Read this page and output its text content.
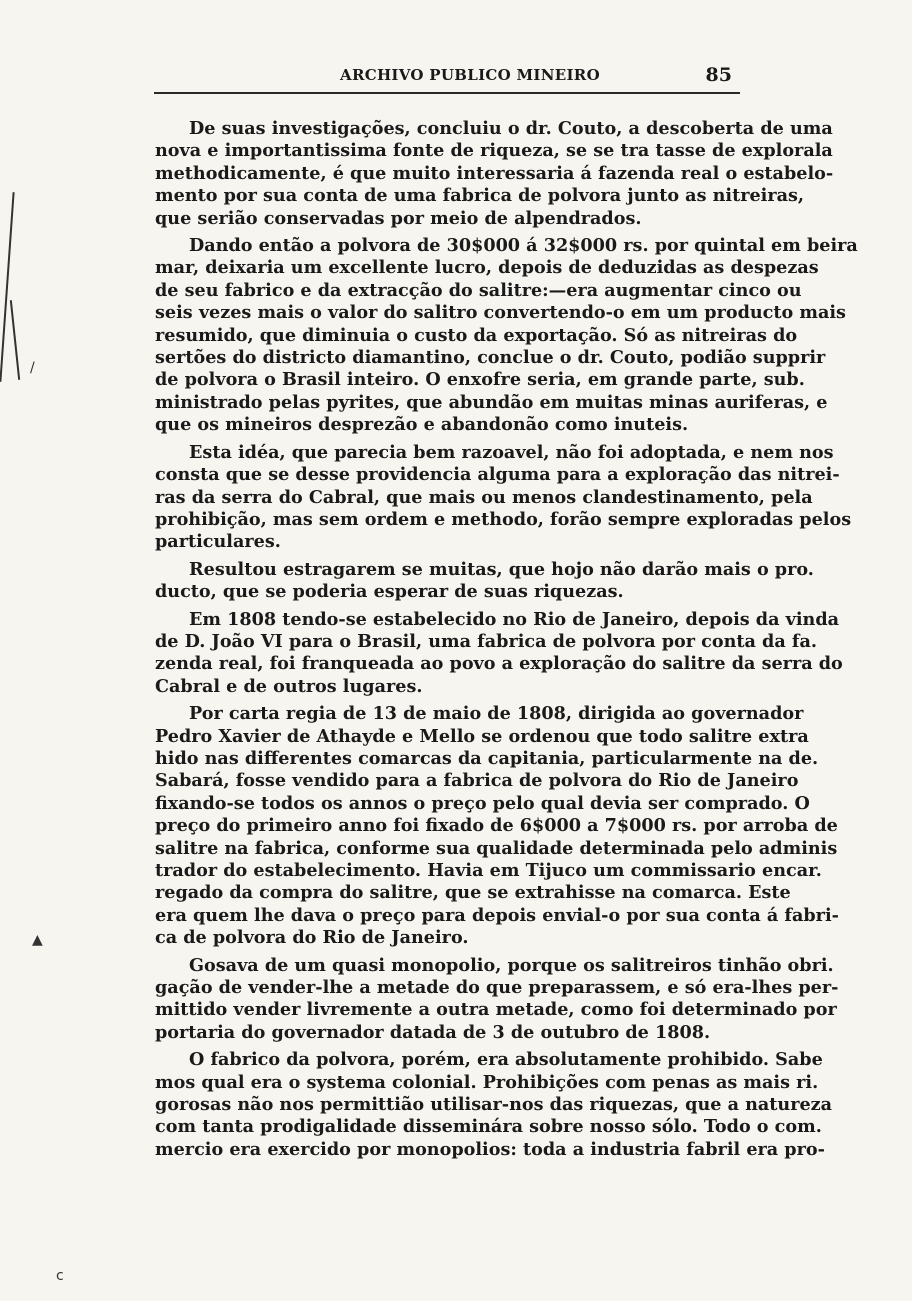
ARCHIVO PUBLICO MINEIRO	85
De suas investigações, concluiu o dr. Couto, a descoberta de uma
nova e importantissima fonte de riqueza, se se tra tasse de explorala
methodicamente, é que muito interessaria á fazenda real o estabelo-
mento por sua conta de uma fabrica de polvora junto as nitreiras,
que serião conservadas por meio de alpendrados.
Dando então a polvora de 30$000 á 32$000 rs. por quintal em beira
mar, deixaria um excellente lucro, depois de deduzidas as despezas
de seu fabrico e da extracção do salitre:—era augmentar cinco ou
seis vezes mais o valor do salitro convertendo-o em um producto mais
resumido, que diminuia o custo da exportação. Só as nitreiras do
sertões do districto diamantino, conclue o dr. Couto, podião supprir
de polvora o Brasil inteiro. O enxofre seria, em grande parte, sub.
ministrado pelas pyrites, que abundão em muitas minas auriferas, e
que os mineiros desprezão e abandonão como inuteis.
Esta idéa, que parecia bem razoavel, não foi adoptada, e nem nos
consta que se desse providencia alguma para a exploração das nitrei-
ras da serra do Cabral, que mais ou menos clandestinamento, pela
prohibição, mas sem ordem e methodo, forão sempre exploradas pelos
particulares.
Resultou estragarem se muitas, que hojo não darão mais o pro.
ducto, que se poderia esperar de suas riquezas.
Em 1808 tendo-se estabelecido no Rio de Janeiro, depois da vinda
de D. João VI para o Brasil, uma fabrica de polvora por conta da fa.
zenda real, foi franqueada ao povo a exploração do salitre da serra do
Cabral e de outros lugares.
Por carta regia de 13 de maio de 1808, dirigida ao governador
Pedro Xavier de Athayde e Mello se ordenou que todo salitre extra
hido nas differentes comarcas da capitania, particularmente na de.
Sabará, fosse vendido para a fabrica de polvora do Rio de Janeiro
fixando-se todos os annos o preço pelo qual devia ser comprado. O
preço do primeiro anno foi fixado de 6$000 a 7$000 rs. por arroba de
salitre na fabrica, conforme sua qualidade determinada pelo adminis
trador do estabelecimento. Havia em Tijuco um commissario encar.
regado da compra do salitre, que se extrahisse na comarca. Este
era quem lhe dava o preço para depois envial-o por sua conta á fabri-
ca de polvora do Rio de Janeiro.
Gosava de um quasi monopolio, porque os salitreiros tinhão obri.
gação de vender-lhe a metade do que preparassem, e só era-lhes per-
mittido vender livremente a outra metade, como foi determinado por
portaria do governador datada de 3 de outubro de 1808.
O fabrico da polvora, porém, era absolutamente prohibido. Sabe
mos qual era o systema colonial. Prohibições com penas as mais ri.
gorosas não nos permittião utilisar-nos das riquezas, que a natureza
com tanta prodigalidade disseminára sobre nosso sólo. Todo o com.
mercio era exercido por monopolios: toda a industria fabril era pro-
/
▲
c
